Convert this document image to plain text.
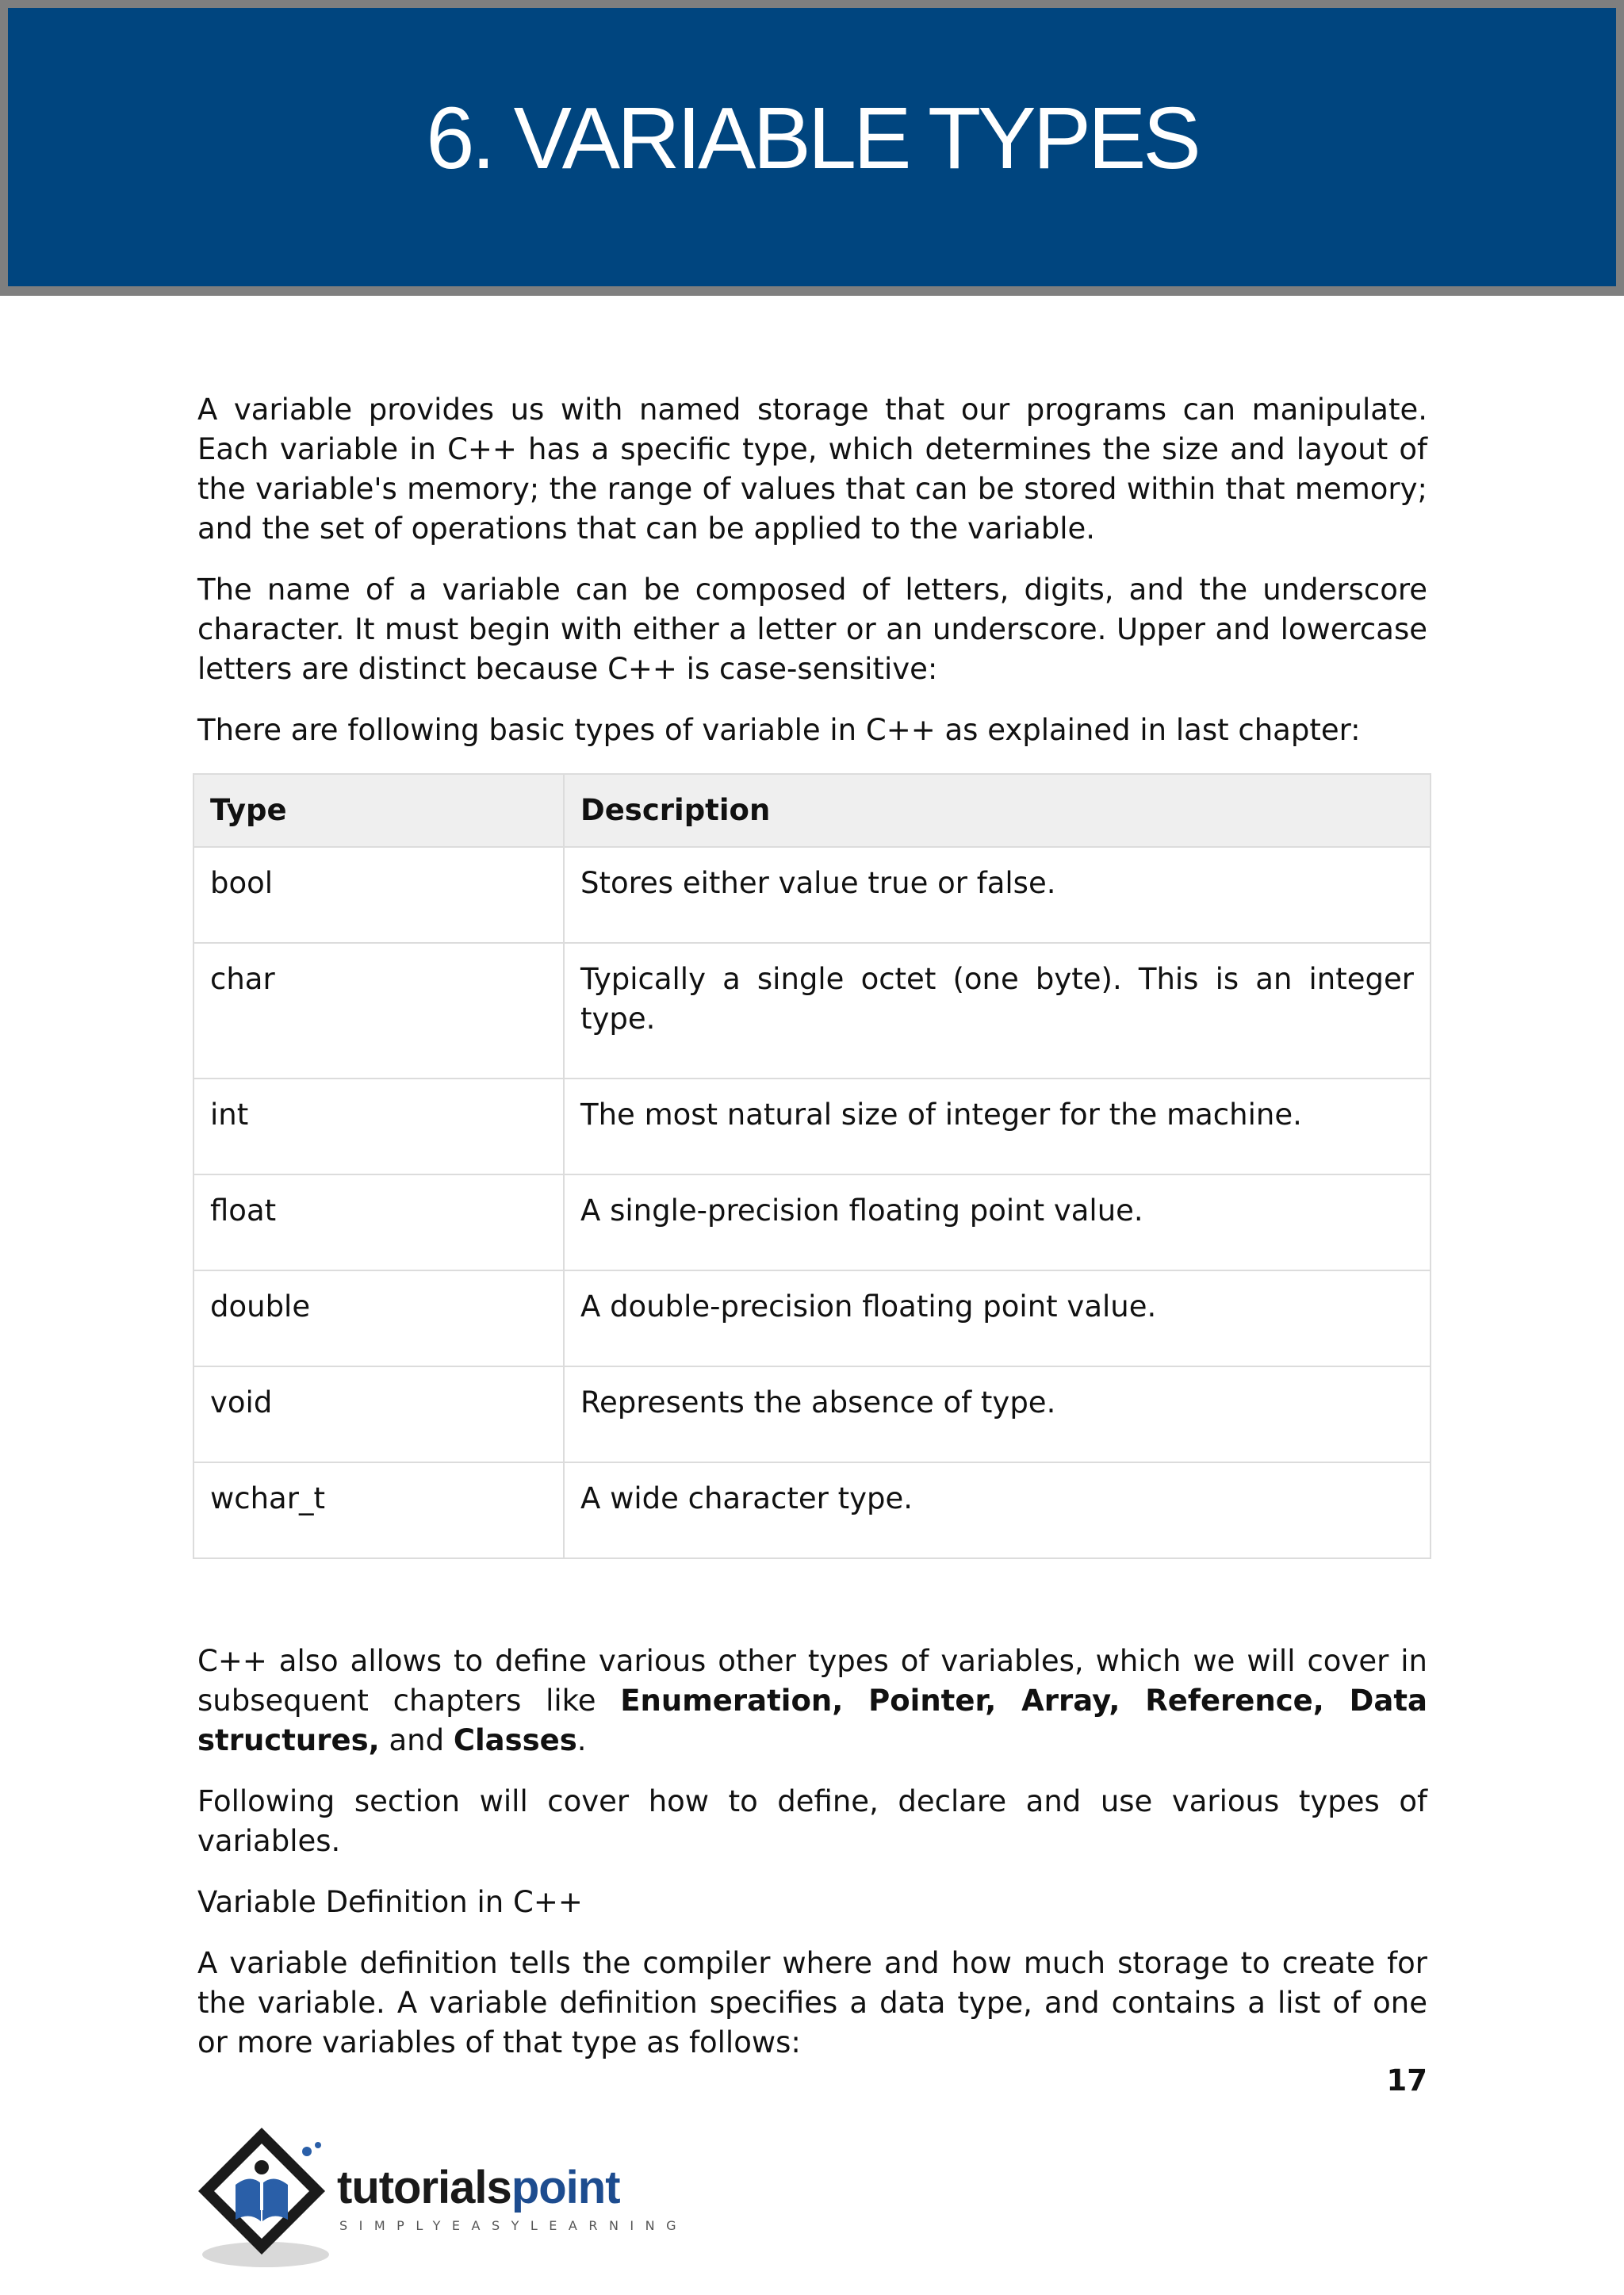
6. VARIABLE TYPES

A variable provides us with named storage that our programs can manipulate. Each variable in C++ has a specific type, which determines the size and layout of the variable's memory; the range of values that can be stored within that memory; and the set of operations that can be applied to the variable.

The name of a variable can be composed of letters, digits, and the underscore character. It must begin with either a letter or an underscore. Upper and lowercase letters are distinct because C++ is case-sensitive:

There are following basic types of variable in C++ as explained in last chapter:

Type	Description
bool	Stores either value true or false.
char	Typically a single octet (one byte). This is an integer type.
int	The most natural size of integer for the machine.
float	A single-precision floating point value.
double	A double-precision floating point value.
void	Represents the absence of type.
wchar_t	A wide character type.

C++ also allows to define various other types of variables, which we will cover in subsequent chapters like Enumeration, Pointer, Array, Reference, Data structures, and Classes.

Following section will cover how to define, declare and use various types of variables.

Variable Definition in C++

A variable definition tells the compiler where and how much storage to create for the variable. A variable definition specifies a data type, and contains a list of one or more variables of that type as follows:

17
tutorialspoint
SIMPLYEASYLEARNING
